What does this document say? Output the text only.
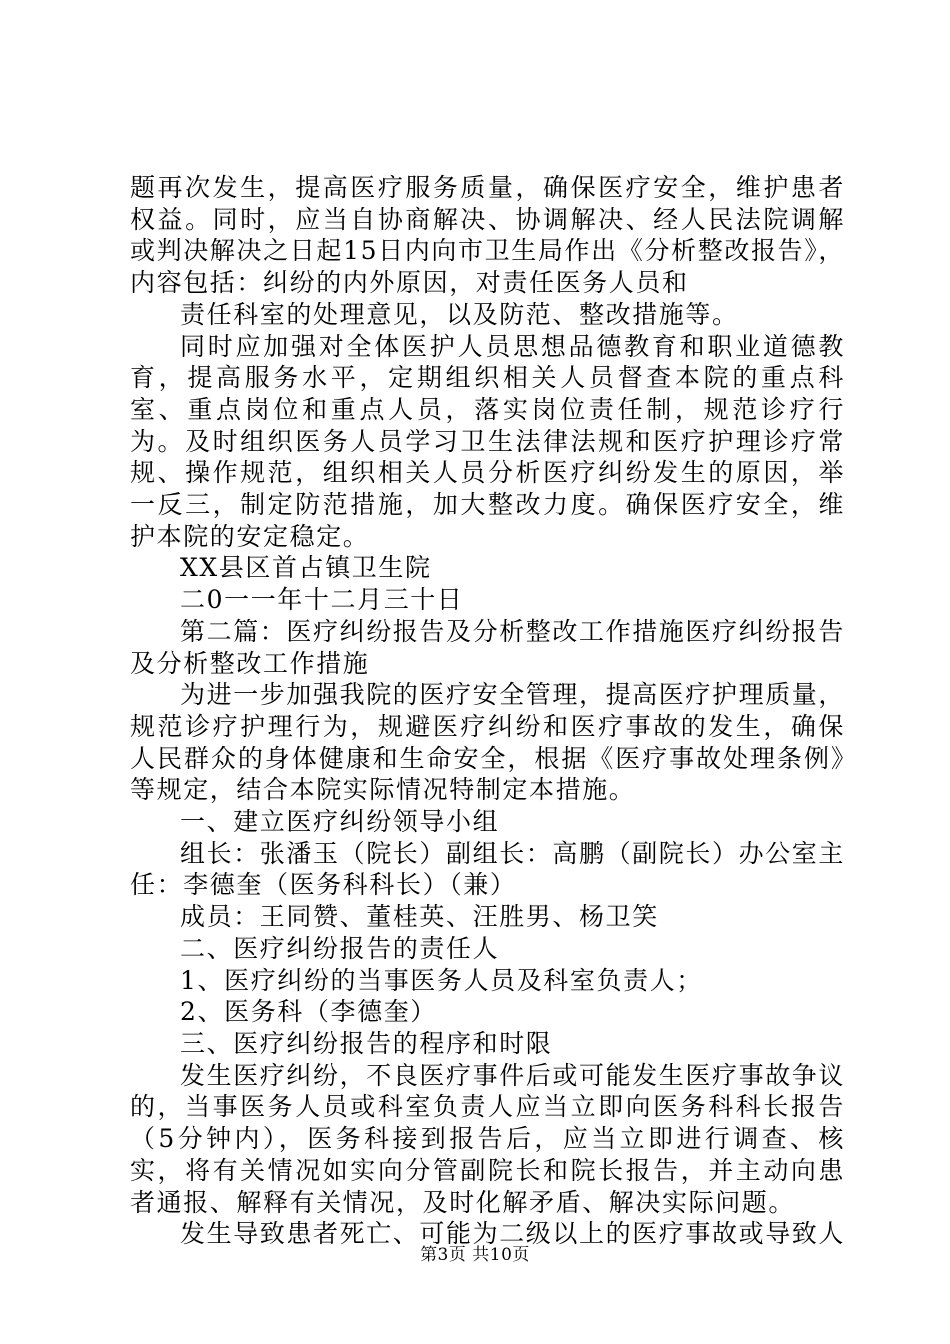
题再次发生，提高医疗服务质量，确保医疗安全，维护患者权益。同时，应当自协商解决、协调解决、经人民法院调解或判决解决之日起15日内向市卫生局作出《分析整改报告》，内容包括：纠纷的内外原因，对责任医务人员和

责任科室的处理意见，以及防范、整改措施等。

同时应加强对全体医护人员思想品德教育和职业道德教育，提高服务水平，定期组织相关人员督查本院的重点科室、重点岗位和重点人员，落实岗位责任制，规范诊疗行为。及时组织医务人员学习卫生法律法规和医疗护理诊疗常规、操作规范，组织相关人员分析医疗纠纷发生的原因，举一反三，制定防范措施，加大整改力度。确保医疗安全，维护本院的安定稳定。

XX县区首占镇卫生院

二0一一年十二月三十日

第二篇：医疗纠纷报告及分析整改工作措施医疗纠纷报告及分析整改工作措施

为进一步加强我院的医疗安全管理，提高医疗护理质量，规范诊疗护理行为，规避医疗纠纷和医疗事故的发生，确保人民群众的身体健康和生命安全，根据《医疗事故处理条例》等规定，结合本院实际情况特制定本措施。

一、建立医疗纠纷领导小组

组长：张潘玉（院长）副组长：高鹏（副院长）办公室主任：李德奎（医务科科长）（兼）

成员：王同赞、董桂英、汪胜男、杨卫笑

二、医疗纠纷报告的责任人

1、医疗纠纷的当事医务人员及科室负责人；

2、医务科（李德奎）

三、医疗纠纷报告的程序和时限

发生医疗纠纷，不良医疗事件后或可能发生医疗事故争议的，当事医务人员或科室负责人应当立即向医务科科长报告（5分钟内），医务科接到报告后，应当立即进行调查、核实，将有关情况如实向分管副院长和院长报告，并主动向患者通报、解释有关情况，及时化解矛盾、解决实际问题。

发生导致患者死亡、可能为二级以上的医疗事故或导致人

第3页 共10页
